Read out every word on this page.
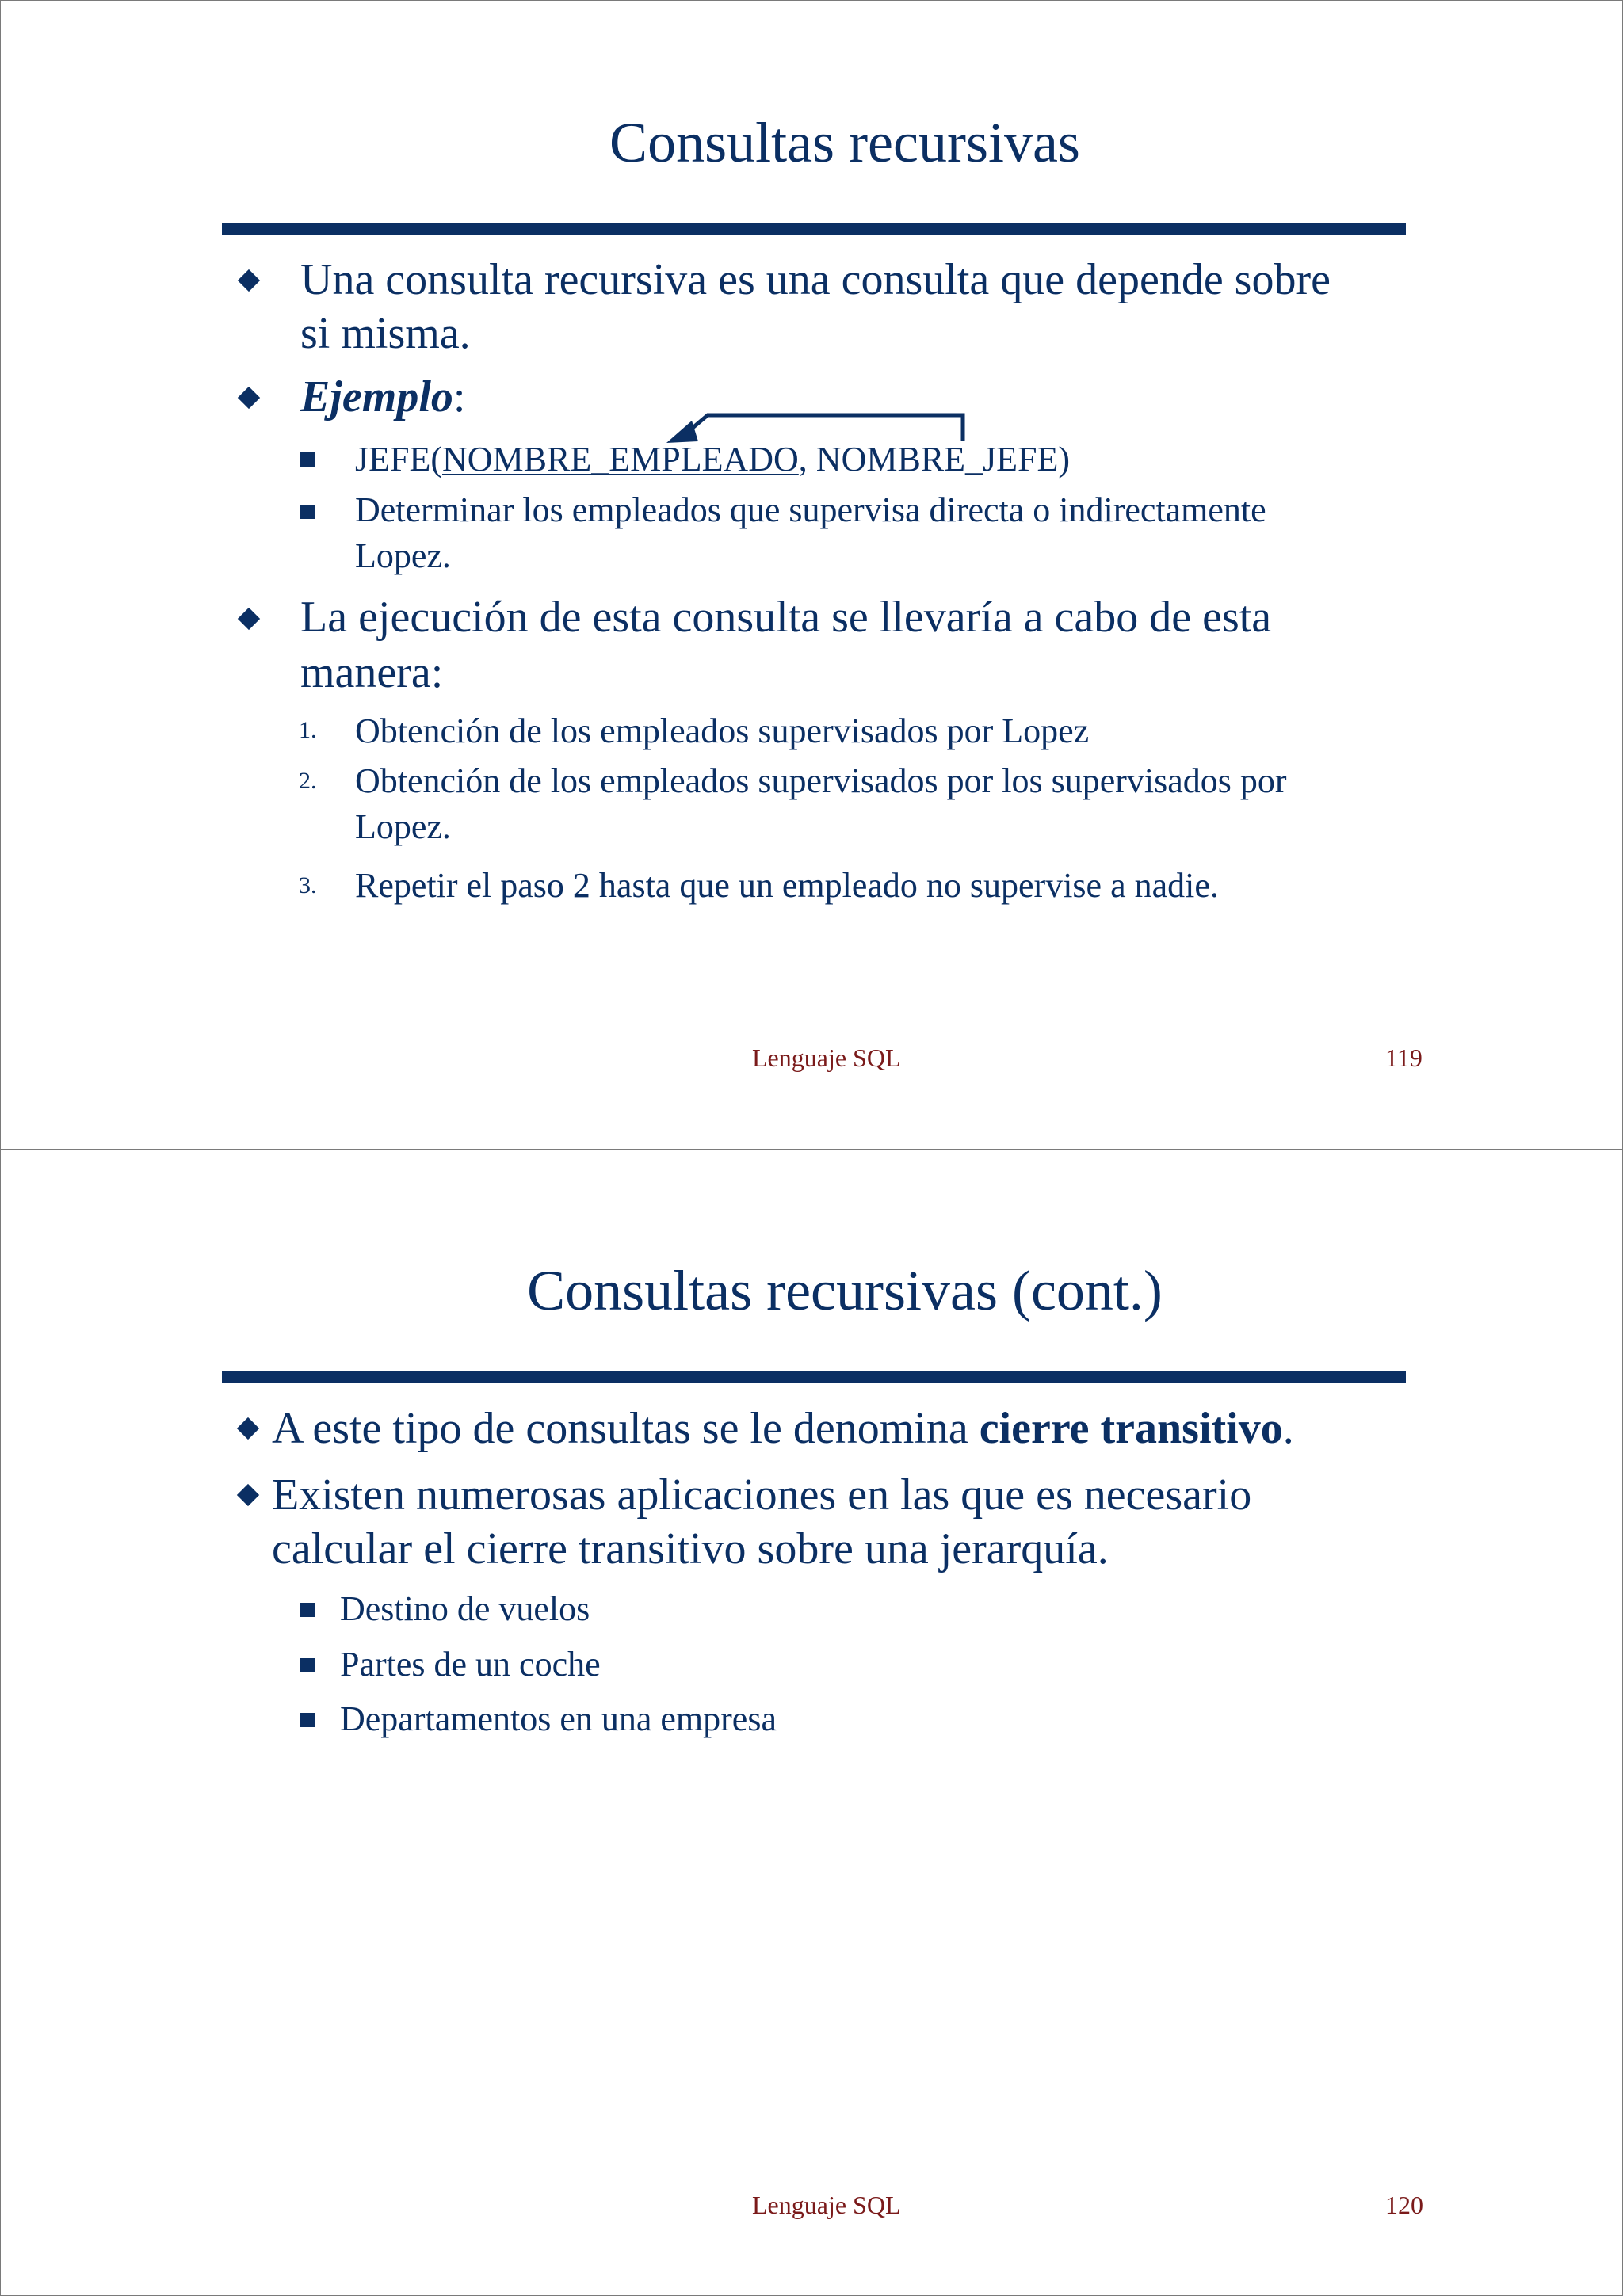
Consultas recursivas
Una consulta recursiva es una consulta que depende sobre
si misma.
Ejemplo:
JEFE(NOMBRE_EMPLEADO, NOMBRE_JEFE)
Determinar los empleados que supervisa directa o indirectamente
Lopez.
La ejecución de esta consulta se llevaría a cabo de esta
manera:
1. Obtención de los empleados supervisados por Lopez
2. Obtención de los empleados supervisados por los supervisados por
Lopez.
3. Repetir el paso 2 hasta que un empleado no supervise a nadie.
Lenguaje SQL	119
Consultas recursivas (cont.)
A este tipo de consultas se le denomina cierre transitivo.
Existen numerosas aplicaciones en las que es necesario
calcular el cierre transitivo sobre una jerarquía.
Destino de vuelos
Partes de un coche
Departamentos en una empresa
Lenguaje SQL	120
